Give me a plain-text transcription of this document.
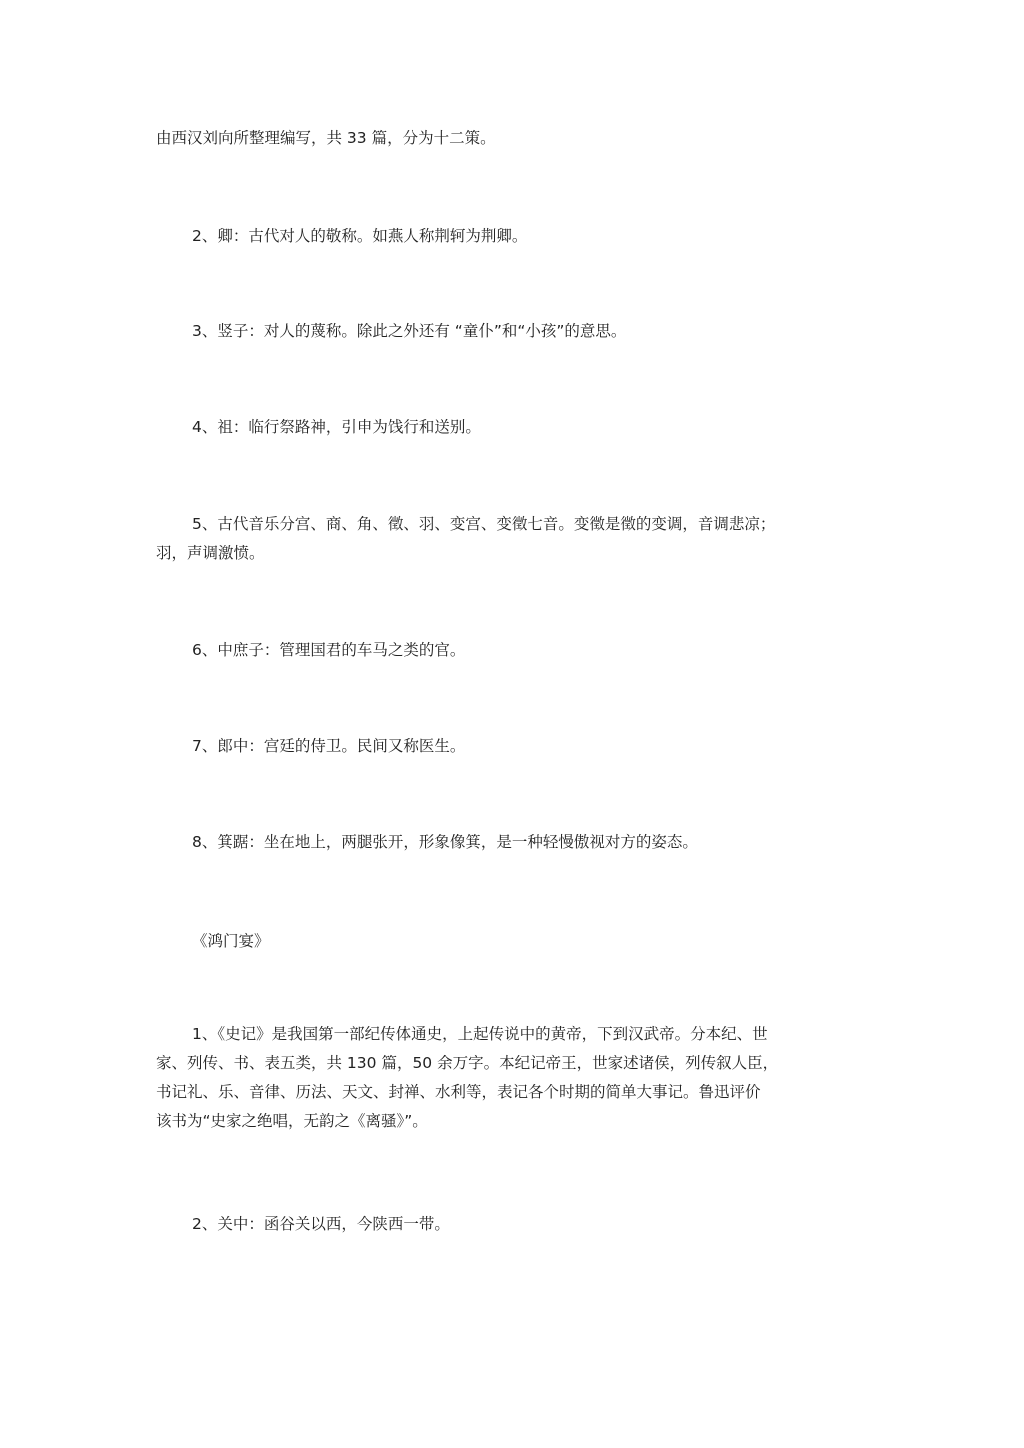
由西汉刘向所整理编写，共 33 篇，分为十二策。

2、卿：古代对人的敬称。如燕人称荆轲为荆卿。

3、竖子：对人的蔑称。除此之外还有 “童仆”和“小孩”的意思。

4、祖：临行祭路神，引申为饯行和送别。

5、古代音乐分宫、商、角、徵、羽、变宫、变徵七音。变徵是徵的变调，音调悲凉；
羽，声调激愤。

6、中庶子：管理国君的车马之类的官。

7、郎中：宫廷的侍卫。民间又称医生。

8、箕踞：坐在地上，两腿张开，形象像箕，是一种轻慢傲视对方的姿态。

《鸿门宴》

1、《史记》是我国第一部纪传体通史，上起传说中的黄帝，下到汉武帝。分本纪、世
家、列传、书、表五类，共 130 篇，50 余万字。本纪记帝王，世家述诸侯，列传叙人臣，
书记礼、乐、音律、历法、天文、封禅、水利等，表记各个时期的简单大事记。鲁迅评价
该书为“史家之绝唱，无韵之《离骚》”。

2、关中：函谷关以西，今陕西一带。
